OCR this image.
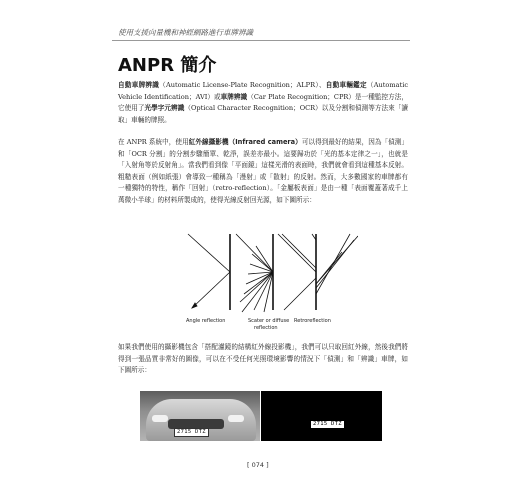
使用支援向量機和神經網路進行車牌辨識
ANPR 簡介
自動車牌辨識（Automatic License-Plate Recognition；ALPR）、自動車輛鑑定（Automatic Vehicle Identification；AVI）或車牌辨識（Car Plate Recognition；CPR）是一種監控方法，它使用了光學字元辨識（Optical Character Recognition；OCR）以及分割和偵測等方法來「讀取」車輛的牌照。
在 ANPR 系統中，使用紅外線攝影機（Infrared camera）可以得到最好的結果，因為「偵測」和「OCR 分割」的分割步驟簡單、乾淨，誤差亦最小。這要歸功於「光的基本定律之一」，也就是「入射角等於反射角」。當我們看到像「平面鏡」這樣光滑的表面時，我們就會看到這種基本反射。粗糙表面（例如紙張）會導致一種稱為「漫射」或「散射」的反射。然而，大多數國家的車牌都有一種獨特的特性，稱作「回射」（retro-reflection）。「金屬板表面」是由一種「表面覆蓋著成千上萬微小半球」的材料所製成的，使得光線反射回光源，如下圖所示：
Angle reflection	Scater or diffuse
reflection
Retroreflection
如果我們使用的攝影機包含「搭配濾鏡的結構紅外線投影機」，我們可以只取回紅外線，然後我們將得到一張品質非常好的圖像，可以在不受任何光照環境影響的情況下「偵測」和「辨識」車牌，如下圖所示：
2715 DTZ
2715 DTZ
[ 074 ]
